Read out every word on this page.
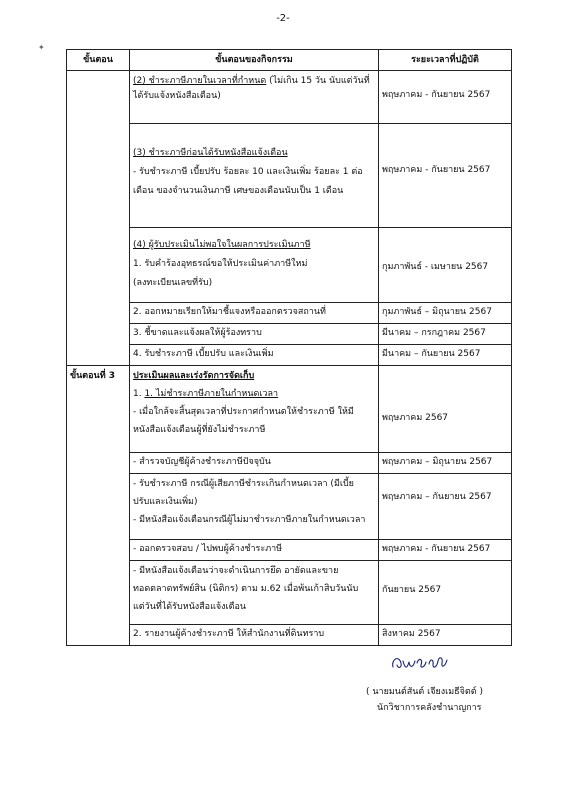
-2-
✦
ขั้นตอน	ขั้นตอนของกิจกรรม	ระยะเวลาที่ปฏิบัติ

	(2) ชำระภาษีภายในเวลาที่กำหนด (ไม่เกิน 15 วัน นับแต่วันที่
ได้รับแจ้งหนังสือเตือน)	พฤษภาคม - กันยายน 2567

	(3) ชำระภาษีก่อนได้รับหนังสือแจ้งเตือน
- รับชำระภาษี เบี้ยปรับ ร้อยละ 10 และเงินเพิ่ม ร้อยละ 1 ต่อ
เดือน ของจำนวนเงินภาษี เศษของเดือนนับเป็น 1 เดือน	พฤษภาคม - กันยายน 2567

	(4) ผู้รับประเมินไม่พอใจในผลการประเมินภาษี
1. รับคำร้องอุทธรณ์ขอให้ประเมินค่าภาษีใหม่
(ลงทะเบียนเลขที่รับ)	กุมภาพันธ์ - เมษายน 2567
	2. ออกหมายเรียกให้มาชี้แจงหรือออกตรวจสถานที่	กุมภาพันธ์ – มิถุนายน 2567
	3. ชี้ขาดและแจ้งผลให้ผู้ร้องทราบ	มีนาคม – กรกฎาคม 2567
	4. รับชำระภาษี เบี้ยปรับ และเงินเพิ่ม	มีนาคม – กันยายน 2567
ขั้นตอนที่ 3	ประเมินผลและเร่งรัดการจัดเก็บ
1. 1. ไม่ชำระภาษีภายในกำหนดเวลา
- เมื่อใกล้จะสิ้นสุดเวลาที่ประกาศกำหนดให้ชำระภาษี ให้มี
หนังสือแจ้งเตือนผู้ที่ยังไม่ชำระภาษี	พฤษภาคม 2567
	- สำรวจบัญชีผู้ค้างชำระภาษีปัจจุบัน	พฤษภาคม – มิถุนายน 2567

	- รับชำระภาษี กรณีผู้เสียภาษีชำระเกินกำหนดเวลา (มีเบี้ย
ปรับและเงินเพิ่ม)
- มีหนังสือแจ้งเตือนกรณีผู้ไม่มาชำระภาษีภายในกำหนดเวลา	พฤษภาคม – กันยายน 2567
	- ออกตรวจสอบ / ไปพบผู้ค้างชำระภาษี	พฤษภาคม - กันยายน 2567

	- มีหนังสือแจ้งเตือนว่าจะดำเนินการยึด อายัดและขาย
ทอดตลาดทรัพย์สิน (นิติกร) ตาม ม.62 เมื่อพ้นเก้าสิบวันนับ
แต่วันที่ได้รับหนังสือแจ้งเตือน	กันยายน 2567
	2. รายงานผู้ค้างชำระภาษี ให้สำนักงานที่ดินทราบ	สิงหาคม 2567
( นายมนต์สันต์ เจียงเมธีจิตต์ )
นักวิชาการคลังชำนาญการ
